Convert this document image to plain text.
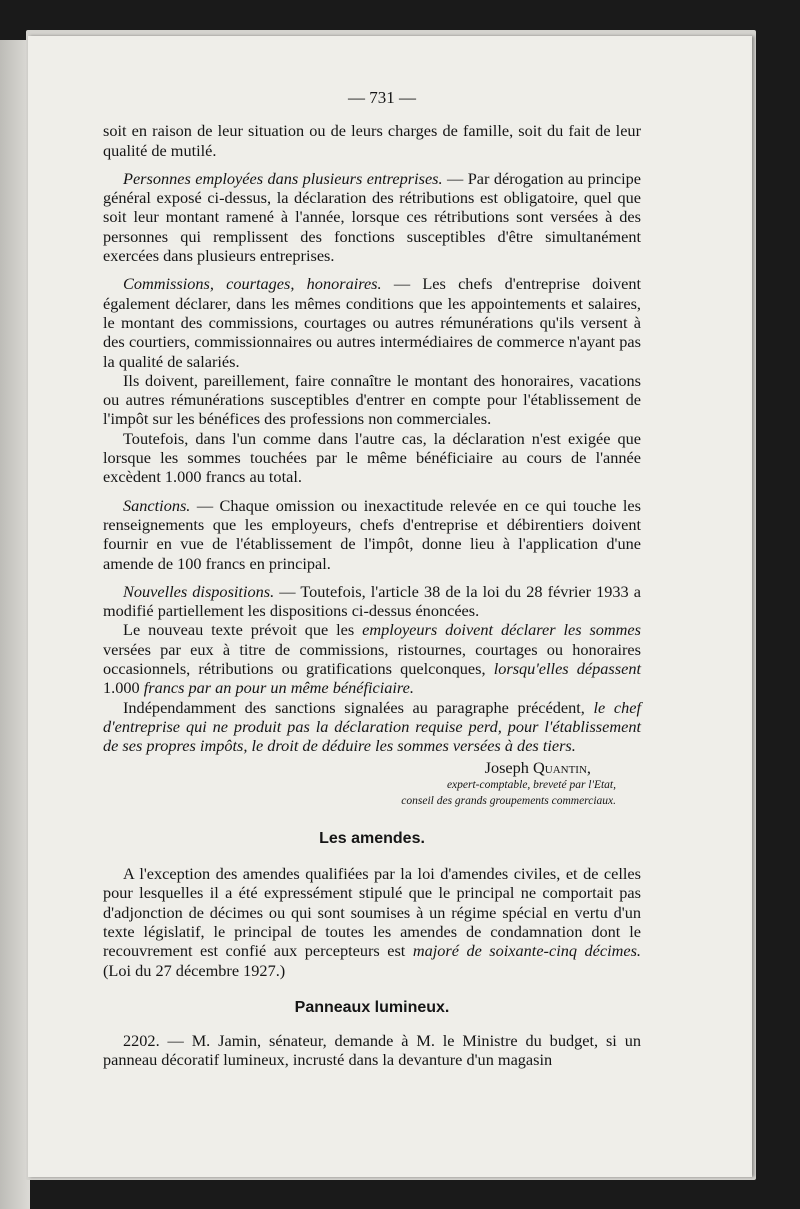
— 731 —

soit en raison de leur situation ou de leurs charges de famille, soit du fait de leur qualité de mutilé.

Personnes employées dans plusieurs entreprises. — Par dérogation au principe général exposé ci-dessus, la déclaration des rétributions est obligatoire, quel que soit leur montant ramené à l'année, lorsque ces rétributions sont versées à des personnes qui remplissent des fonctions susceptibles d'être simultanément exercées dans plusieurs entreprises.

Commissions, courtages, honoraires. — Les chefs d'entreprise doivent également déclarer, dans les mêmes conditions que les appointements et salaires, le montant des commissions, courtages ou autres rémunérations qu'ils versent à des courtiers, commissionnaires ou autres intermédiaires de commerce n'ayant pas la qualité de salariés.

Ils doivent, pareillement, faire connaître le montant des honoraires, vacations ou autres rémunérations susceptibles d'entrer en compte pour l'établissement de l'impôt sur les bénéfices des professions non commerciales.

Toutefois, dans l'un comme dans l'autre cas, la déclaration n'est exigée que lorsque les sommes touchées par le même bénéficiaire au cours de l'année excèdent 1.000 francs au total.

Sanctions. — Chaque omission ou inexactitude relevée en ce qui touche les renseignements que les employeurs, chefs d'entreprise et débirentiers doivent fournir en vue de l'établissement de l'impôt, donne lieu à l'application d'une amende de 100 francs en principal.

Nouvelles dispositions. — Toutefois, l'article 38 de la loi du 28 février 1933 a modifié partiellement les dispositions ci-dessus énoncées.

Le nouveau texte prévoit que les employeurs doivent déclarer les sommes versées par eux à titre de commissions, ristournes, courtages ou honoraires occasionnels, rétributions ou gratifications quelconques, lorsqu'elles dépassent 1.000 francs par an pour un même bénéficiaire.

Indépendamment des sanctions signalées au paragraphe précédent, le chef d'entreprise qui ne produit pas la déclaration requise perd, pour l'établissement de ses propres impôts, le droit de déduire les sommes versées à des tiers.

Joseph Quantin,
expert-comptable, breveté par l'Etat,
conseil des grands groupements commerciaux.
Les amendes.

A l'exception des amendes qualifiées par la loi d'amendes civiles, et de celles pour lesquelles il a été expressément stipulé que le principal ne comportait pas d'adjonction de décimes ou qui sont soumises à un régime spécial en vertu d'un texte législatif, le principal de toutes les amendes de condamnation dont le recouvrement est confié aux percepteurs est majoré de soixante-cinq décimes. (Loi du 27 décembre 1927.)

Panneaux lumineux.

2202. — M. Jamin, sénateur, demande à M. le Ministre du budget, si un panneau décoratif lumineux, incrusté dans la devanture d'un magasin
